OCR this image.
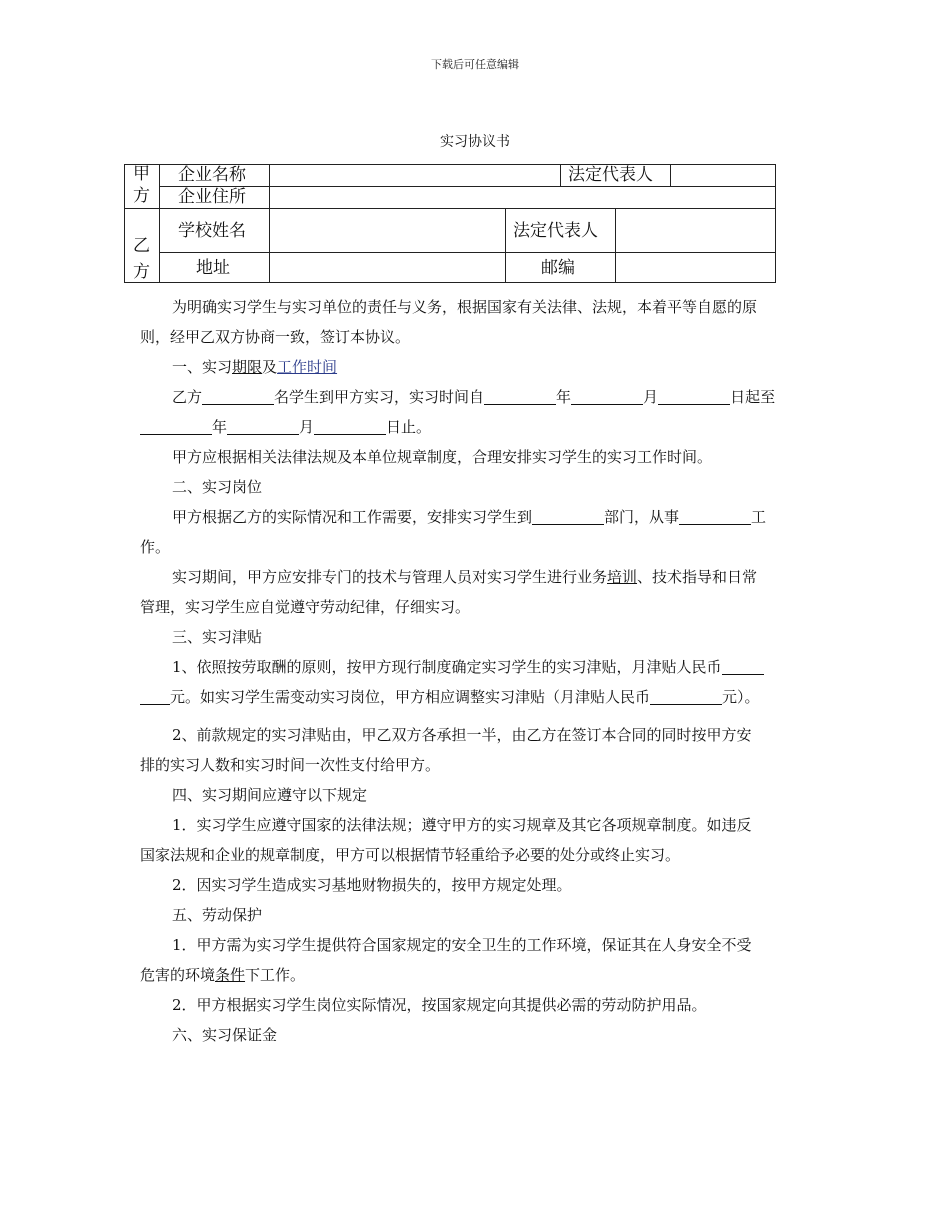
下载后可任意编辑
实习协议书
甲
方
企业名称	法定代表人
企业住所
乙
方
学校姓名	法定代表人
地址	邮编
为明确实习学生与实习单位的责任与义务，根据国家有关法律、法规，本着平等自愿的原
则，经甲乙双方协商一致，签订本协议。
一、实习期限及工作时间
乙方	名学生到甲方实习，实习时间自	年	月	日起至
年	月	日止。
甲方应根据相关法律法规及本单位规章制度，合理安排实习学生的实习工作时间。
二、实习岗位
甲方根据乙方的实际情况和工作需要，安排实习学生到	部门，从事	工
作。
实习期间，甲方应安排专门的技术与管理人员对实习学生进行业务培训、技术指导和日常
管理，实习学生应自觉遵守劳动纪律，仔细实习。
三、实习津贴
1、依照按劳取酬的原则，按甲方现行制度确定实习学生的实习津贴，月津贴人民币
元。如实习学生需变动实习岗位，甲方相应调整实习津贴（月津贴人民币	元）。
2、前款规定的实习津贴由，甲乙双方各承担一半，由乙方在签订本合同的同时按甲方安
排的实习人数和实习时间一次性支付给甲方。
四、实习期间应遵守以下规定
1．实习学生应遵守国家的法律法规；遵守甲方的实习规章及其它各项规章制度。如违反
国家法规和企业的规章制度，甲方可以根据情节轻重给予必要的处分或终止实习。
2．因实习学生造成实习基地财物损失的，按甲方规定处理。
五、劳动保护
1．甲方需为实习学生提供符合国家规定的安全卫生的工作环境，保证其在人身安全不受
危害的环境条件下工作。
2．甲方根据实习学生岗位实际情况，按国家规定向其提供必需的劳动防护用品。
六、实习保证金
